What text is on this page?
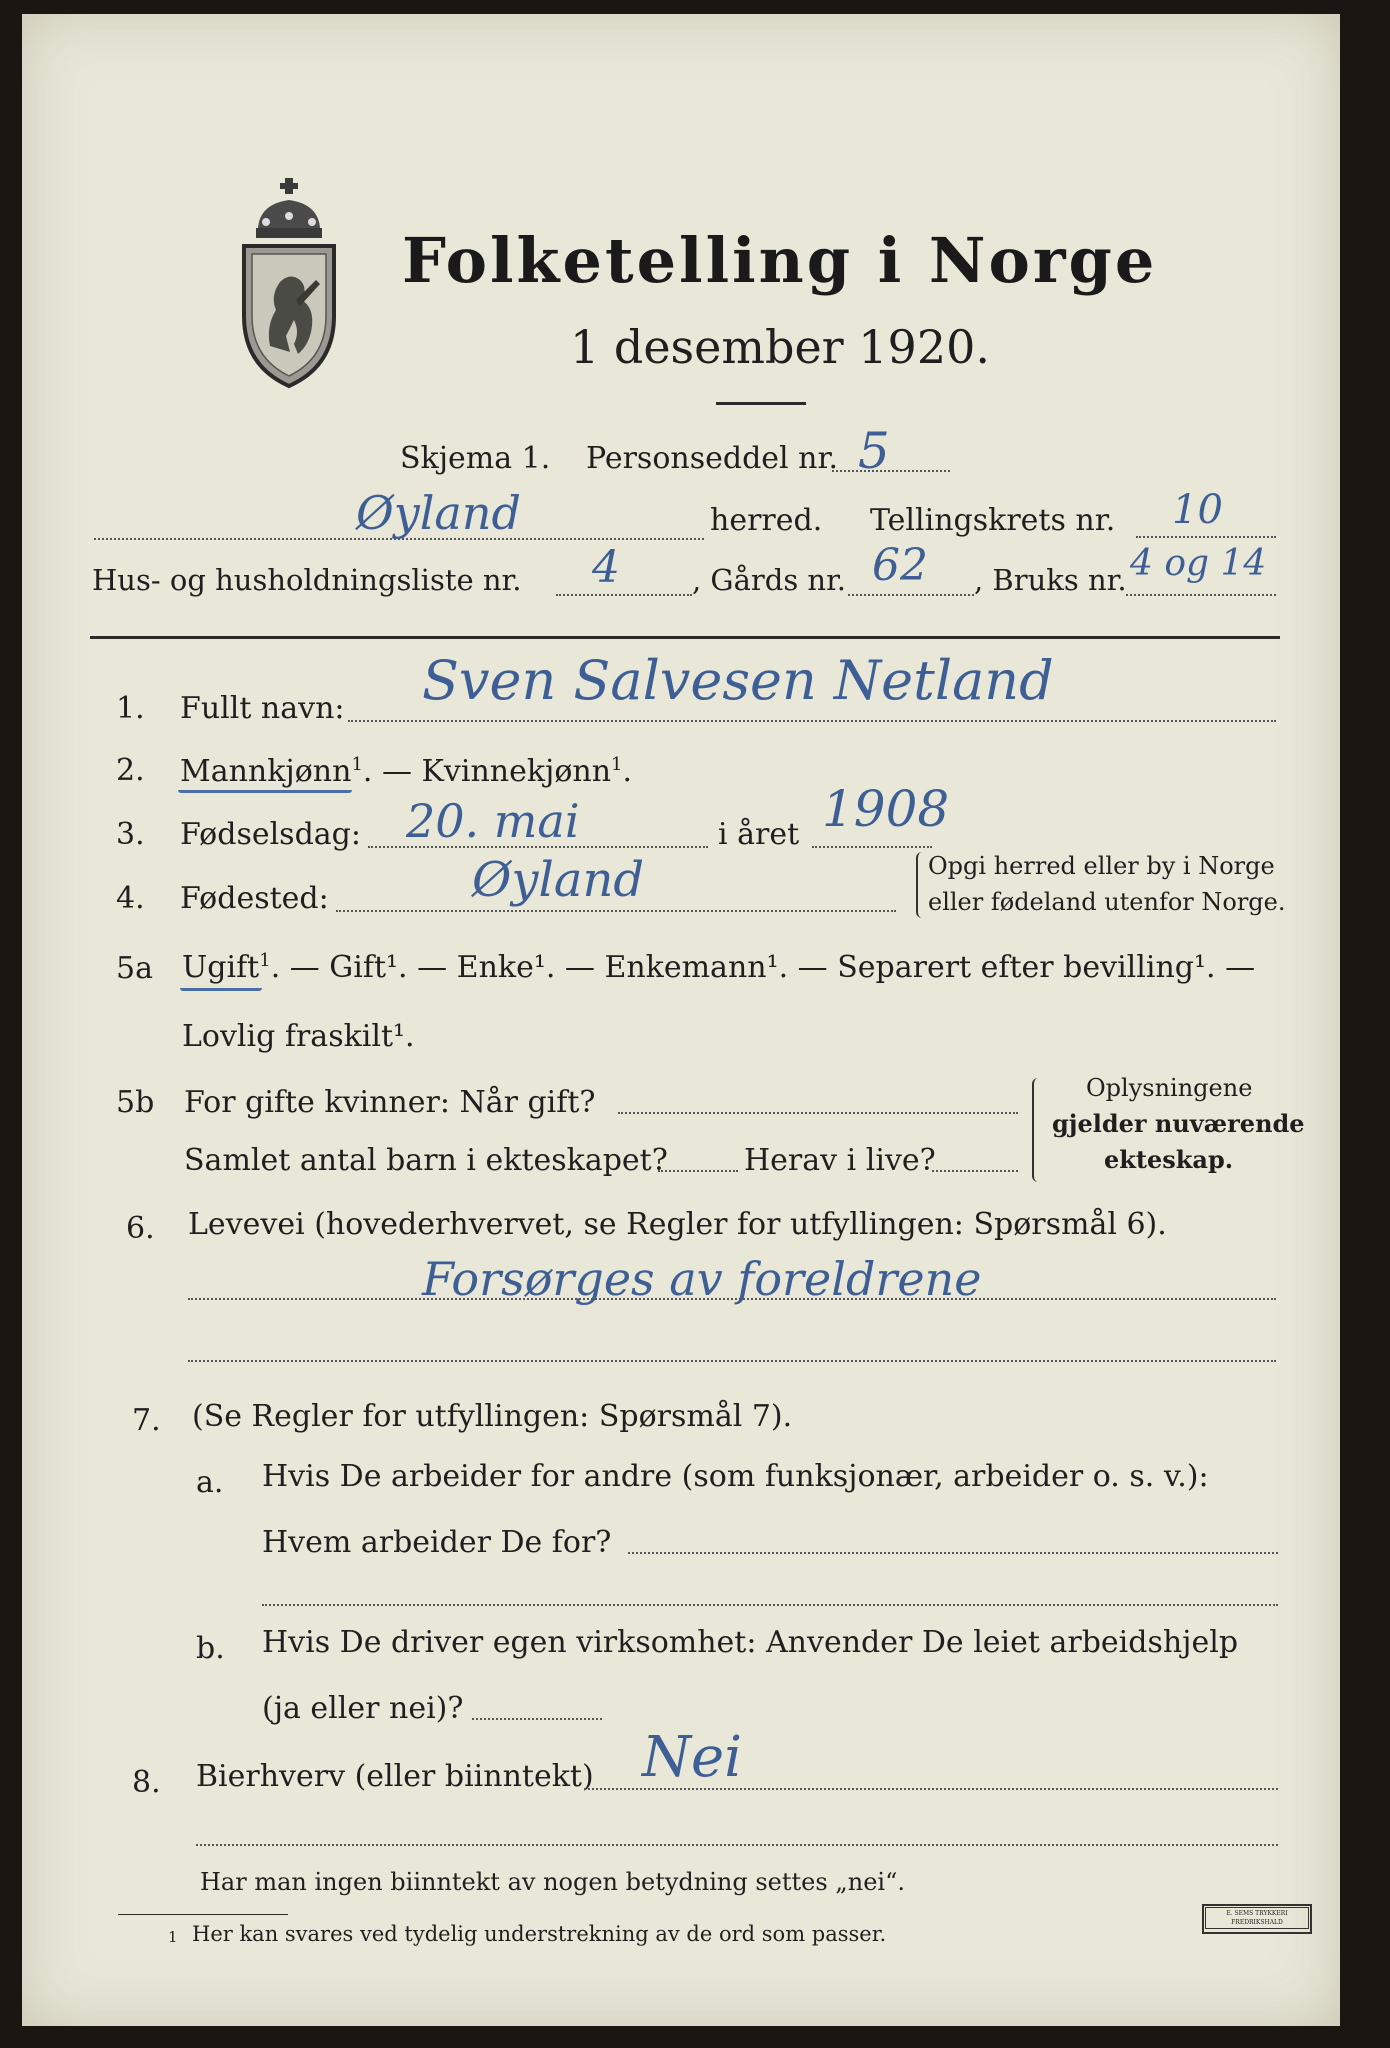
Folketelling i Norge
1 desember 1920.
Skjema 1. Personseddel nr. 5
Øyland	herred. Tellingskrets nr. 10
Hus- og husholdningsliste nr. 4 , Gårds nr. 62 , Bruks nr. 4 og 14
1. Fullt navn: Sven Salvesen Netland
2. Mannkjønn$^1$. — Kvinnekjønn$^1$.
3. Fødselsdag: 20. mai	i året 1908
4. Fødested:	Øyland	Opgi herred eller by i Norge
eller fødeland utenfor Norge.
5a Ugift$^1$. — Gift¹. — Enke¹. — Enkemann¹. — Separert efter bevilling¹. —
Lovlig fraskilt¹.
5b For gifte kvinner: Når gift?
Samlet antal barn i ekteskapet?	Herav i live?
Oplysningene
gjelder nuværende
ekteskap.
6. Levevei (hovederhvervet, se Regler for utfyllingen: Spørsmål 6).
Forsørges av foreldrene
7. (Se Regler for utfyllingen: Spørsmål 7).
a. Hvis De arbeider for andre (som funksjonær, arbeider o. s. v.):
Hvem arbeider De for?
b. Hvis De driver egen virksomhet: Anvender De leiet arbeidshjelp
(ja eller nei)?
8. Bierhverv (eller biinntekt) Nei
Har man ingen biinntekt av nogen betydning settes „nei“.
1 Her kan svares ved tydelig understrekning av de ord som passer.
E. SEMS TRYKKERI FREDRIKSHALD
